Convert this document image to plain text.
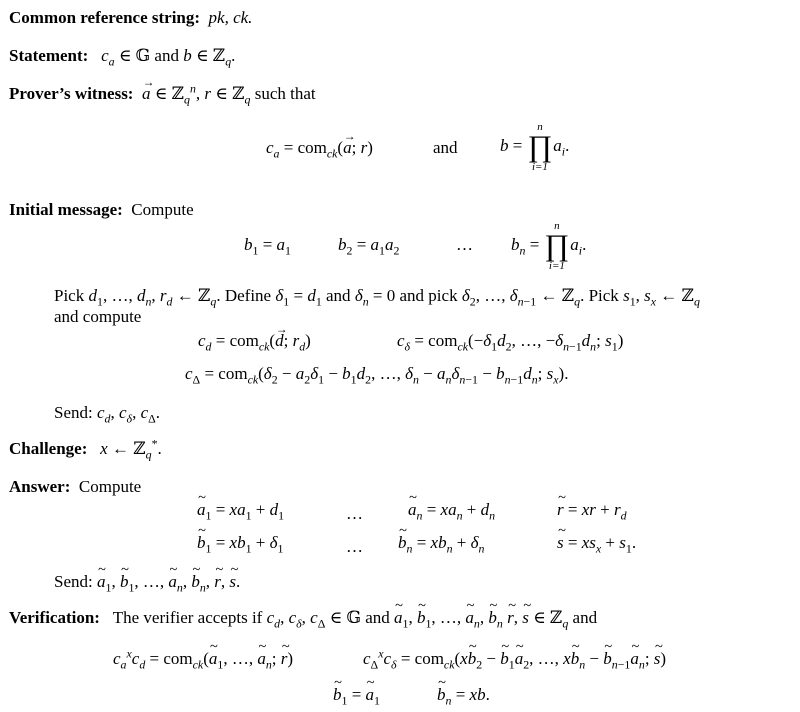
Common reference string:  pk, ck.
Statement: $c_a$ ∈ 𝔾 and b ∈ ℤ$_q$.
Prover’s witness: → a ∈ ℤ$_q^n$, r ∈ ℤ$_q$ such that
$c_a = com_{ck}(\to a$; r)	and b =
n
∏
i=1
$a_i$.
Initial message: Compute
$b_1 = a_1$	$b_2 = a_1a_2$	… $b_n$ =
n
∏
i=1
$a_i$.
Pick $d_1$, …, $d_n$, $r_d$ ← ℤ$_q$. Define $\delta_1 = d_1$ and $\delta_n = 0$ and pick $\delta_2$, …, $\delta_{n-1}$ ← ℤ$_q$. Pick $s_1$, $s_x$ ← ℤ$_q$
and compute
$c_d = com_{ck}(\to d$; $r_d$)	$c_\delta = com_{ck}(-\delta_1d_2$, …, $-\delta_{n-1}d_n$; $s_1$)
$c_\Delta = com_{ck}(\delta_2 - a_2\delta_1 - b_1d_2$, …, $\delta_n - a_n\delta_{n-1} - b_{n-1}d_n$; $s_x$).
Send: $c_d$, $c_\delta$, $c_\Delta$.
Challenge: x ← ℤ$_q$*.
Answer: Compute
~ $a_1 = xa_1 + d_1$	…	~ $a_n = xa_n + d_n$	~ r = xr + $r_d$
~ $b_1 = xb_1 + \delta_1$	… ~ $b_n = xb_n + \delta_n$	~ $s = xs_x + s_1$.
Send: ~ $a_1$, ~ $b_1$, …, ~ $a_n$, ~ $b_n$, ~ r, ~ s.
Verification:   The verifier accepts if $c_d$, $c_\delta$, $c_\Delta$ ∈ 𝔾 and ~ $a_1$, ~ $b_1$, …, ~ $a_n$, ~ $b_n$ ~ r, ~ s ∈ ℤ$_q$ and
$c_a^xc_d$ = com$_{ck}$(~ $a_1$, …, ~ $a_n$; ~ r)	$c_\Delta^xc_\delta$ = com$_{ck}$(x~ $b_2$ − ~ $b_1\sim$ $a_2$, …, x~ $b_n$ − ~ $b_{n-1}\sim$ $a_n$; ~ s)
~ $b_1$ = ~ $a_1$	~ $b_n$ = xb.
